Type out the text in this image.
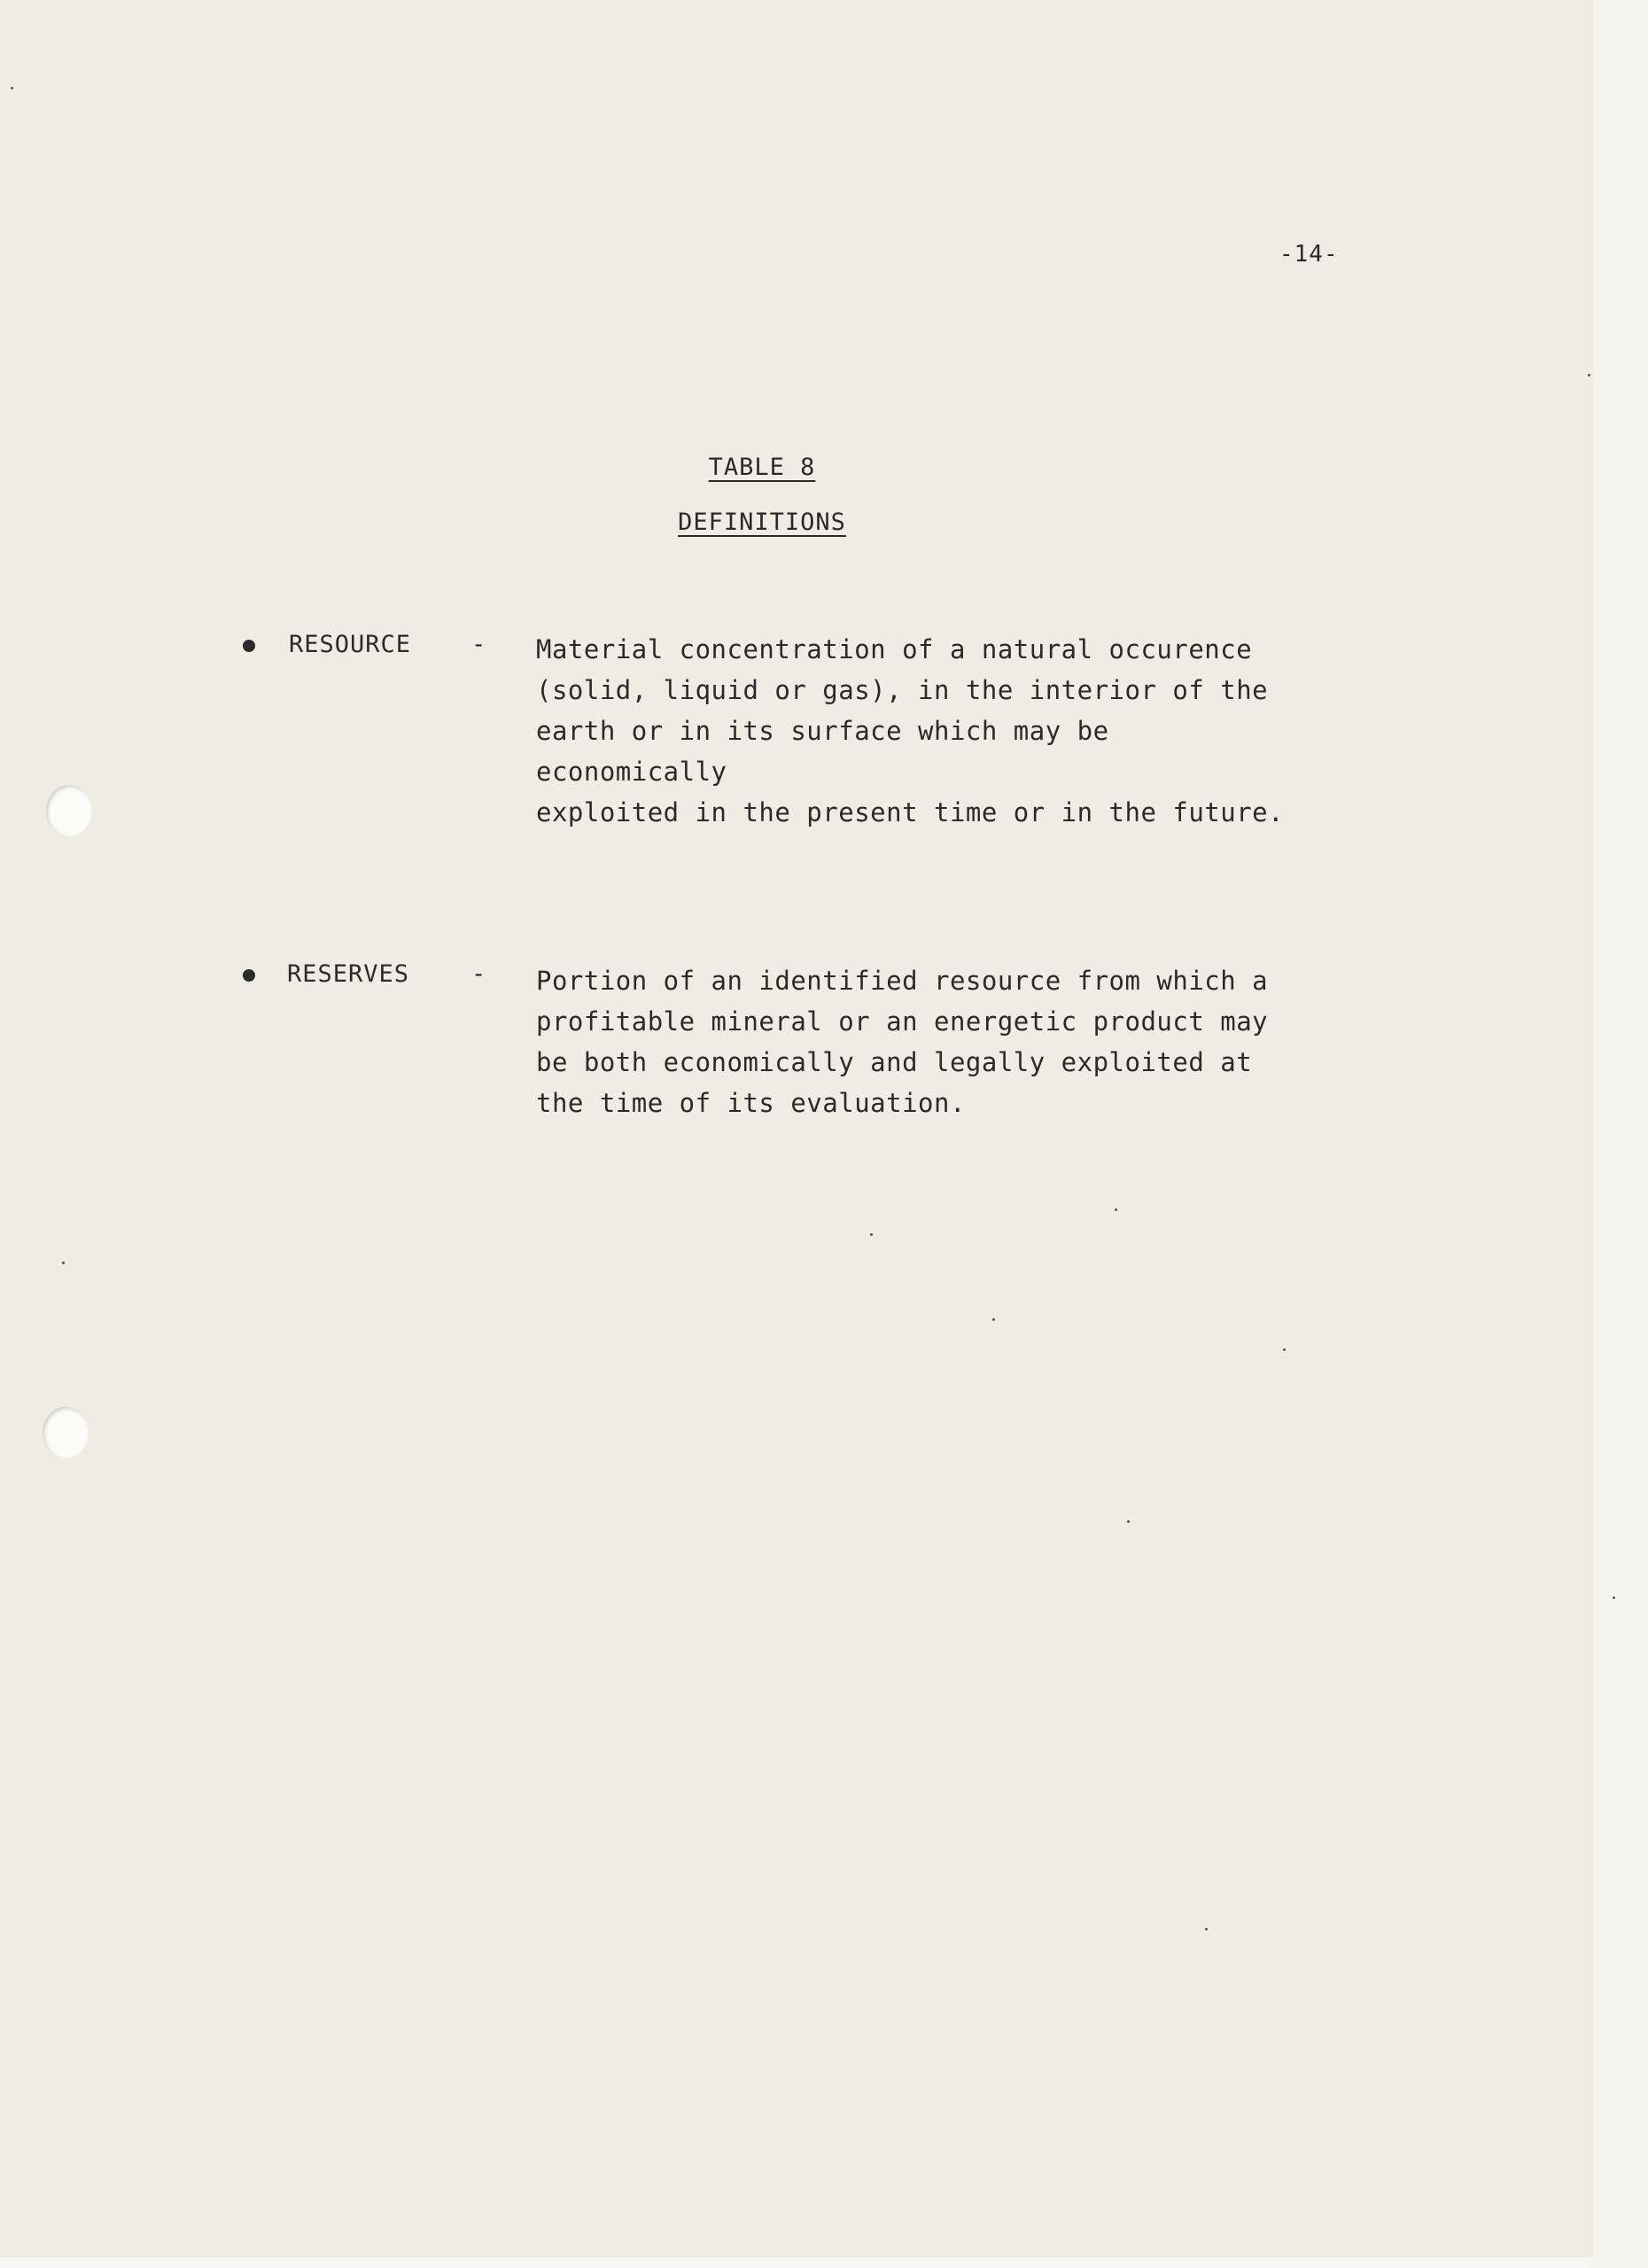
-14-
TABLE 8
DEFINITIONS
RESOURCE	- Material concentration of a natural occurence
(solid, liquid or gas), in the interior of the
earth or in its surface which may be economically
exploited in the present time or in the future.
RESERVES	- Portion of an identified resource from which a
profitable mineral or an energetic product may
be both economically and legally exploited at
the time of its evaluation.
